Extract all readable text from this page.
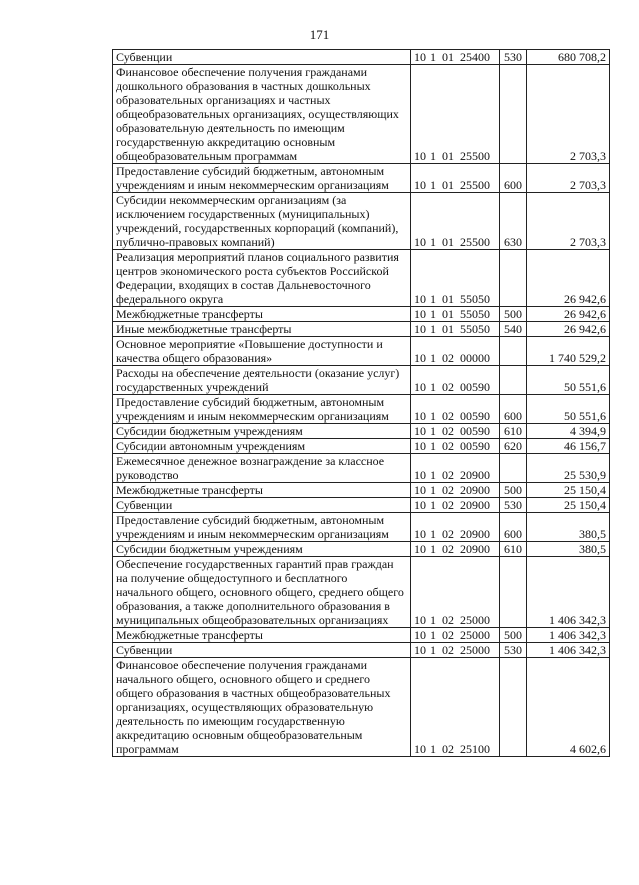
171
Субвенции	10 1 01 25400	530	680 708,2
Финансовое обеспечение получения гражданами дошкольного образования в частных дошкольных образовательных организациях и частных общеобразовательных организациях, осуществляющих образовательную деятельность по имеющим государственную аккредитацию основным общеобразовательным программам	10 1 01 25500		2 703,3
Предоставление субсидий бюджетным, автономным учреждениям и иным некоммерческим организациям	10 1 01 25500	600	2 703,3
Субсидии некоммерческим организациям (за исключением государственных (муниципальных) учреждений, государственных корпораций (компаний), публично-правовых компаний)	10 1 01 25500	630	2 703,3
Реализация мероприятий планов социального развития центров экономического роста субъектов Российской Федерации, входящих в состав Дальневосточного федерального округа	10 1 01 55050		26 942,6
Межбюджетные трансферты	10 1 01 55050	500	26 942,6
Иные межбюджетные трансферты	10 1 01 55050	540	26 942,6
Основное мероприятие «Повышение доступности и качества общего образования»	10 1 02 00000		1 740 529,2
Расходы на обеспечение деятельности (оказание услуг) государственных учреждений	10 1 02 00590		50 551,6
Предоставление субсидий бюджетным, автономным учреждениям и иным некоммерческим организациям	10 1 02 00590	600	50 551,6
Субсидии бюджетным учреждениям	10 1 02 00590	610	4 394,9
Субсидии автономным учреждениям	10 1 02 00590	620	46 156,7
Ежемесячное денежное вознаграждение за классное руководство	10 1 02 20900		25 530,9
Межбюджетные трансферты	10 1 02 20900	500	25 150,4
Субвенции	10 1 02 20900	530	25 150,4
Предоставление субсидий бюджетным, автономным учреждениям и иным некоммерческим организациям	10 1 02 20900	600	380,5
Субсидии бюджетным учреждениям	10 1 02 20900	610	380,5
Обеспечение государственных гарантий прав граждан на получение общедоступного и бесплатного начального общего, основного общего, среднего общего образования, а также дополнительного образования в муниципальных общеобразовательных организациях	10 1 02 25000		1 406 342,3
Межбюджетные трансферты	10 1 02 25000	500	1 406 342,3
Субвенции	10 1 02 25000	530	1 406 342,3
Финансовое обеспечение получения гражданами начального общего, основного общего и среднего общего образования в частных общеобразовательных организациях, осуществляющих образовательную деятельность по имеющим государственную аккредитацию основным общеобразовательным программам	10 1 02 25100		4 602,6
